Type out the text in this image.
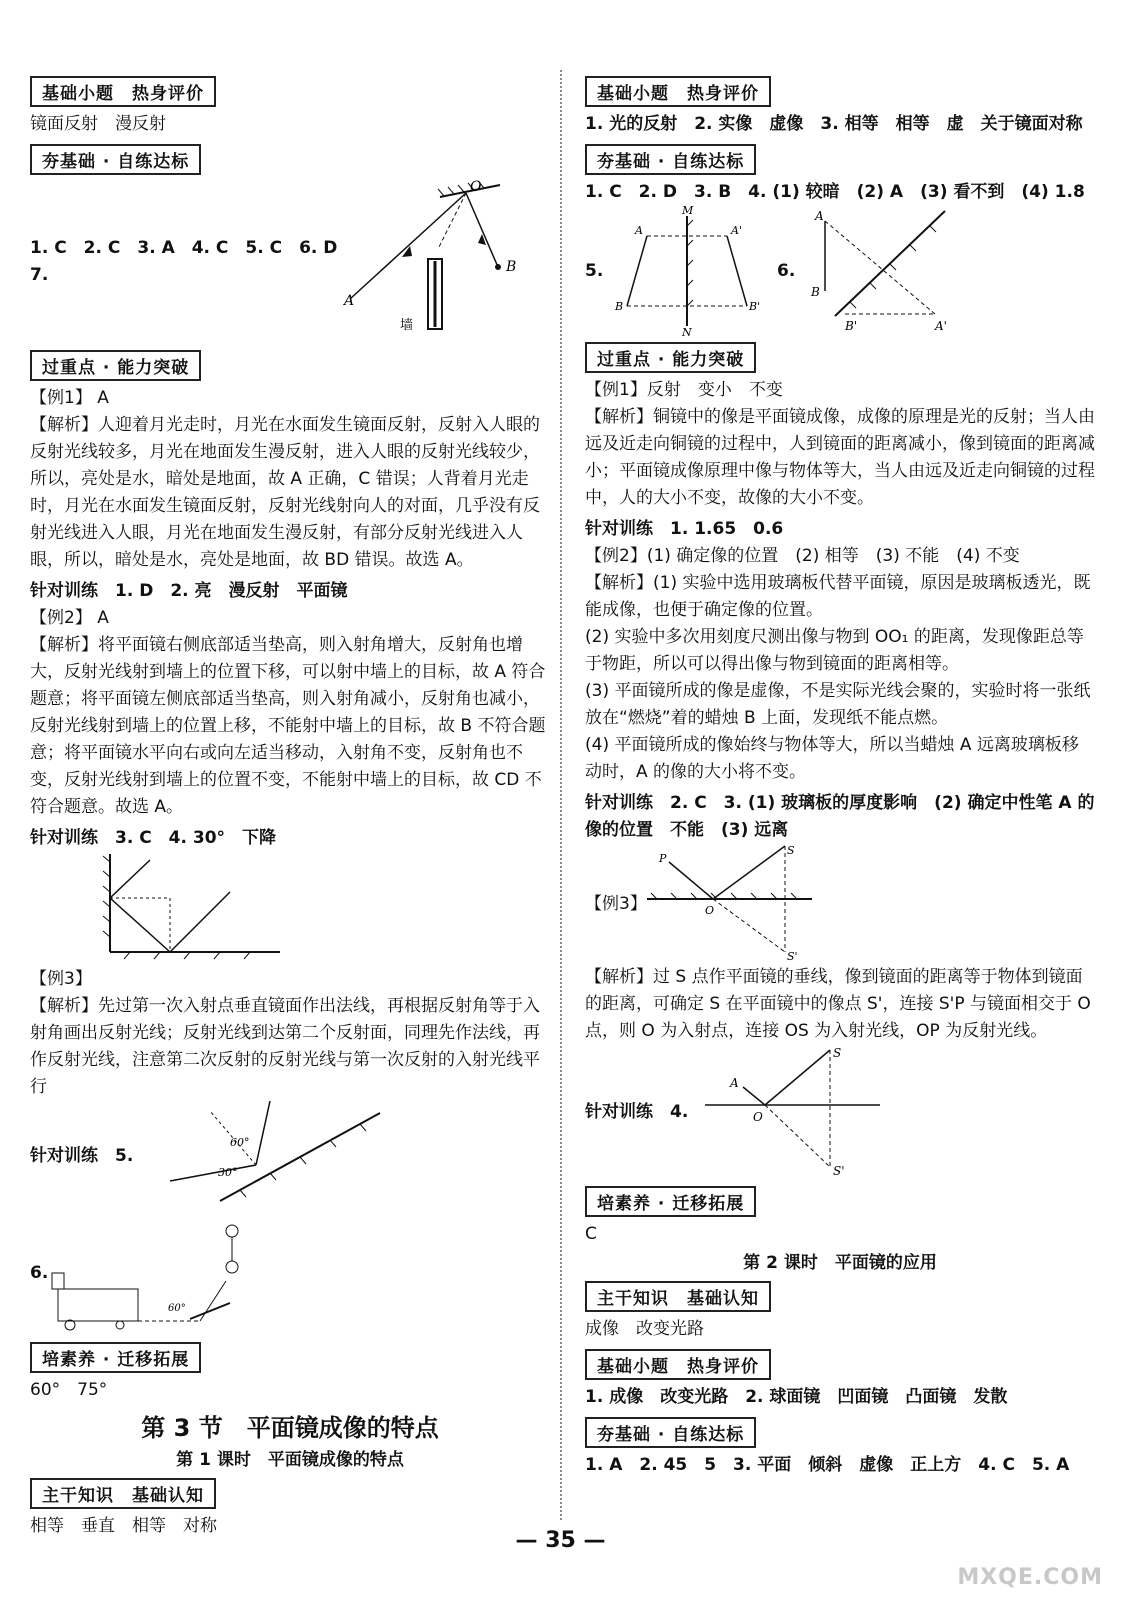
基础小题　热身评价

镜面反射　漫反射

夯基础 · 自练达标

1. C　2. C　3. A　4. C　5. C　6. D　7.

O
A
B
墙
过重点 · 能力突破

【例1】 A

【解析】人迎着月光走时，月光在水面发生镜面反射，反射入人眼的反射光线较多，月光在地面发生漫反射，进入人眼的反射光线较少，所以，亮处是水，暗处是地面，故 A 正确，C 错误；人背着月光走时，月光在水面发生镜面反射，反射光线射向人的对面，几乎没有反射光线进入人眼，月光在地面发生漫反射，有部分反射光线进入人眼，所以，暗处是水，亮处是地面，故 BD 错误。故选 A。

针对训练　1. D　2. 亮　漫反射　平面镜

【例2】 A

【解析】将平面镜右侧底部适当垫高，则入射角增大，反射角也增大，反射光线射到墙上的位置下移，可以射中墙上的目标，故 A 符合题意；将平面镜左侧底部适当垫高，则入射角减小，反射角也减小，反射光线射到墙上的位置上移，不能射中墙上的目标，故 B 不符合题意；将平面镜水平向右或向左适当移动，入射角不变，反射角也不变，反射光线射到墙上的位置不变，不能射中墙上的目标，故 CD 不符合题意。故选 A。

针对训练　3. C　4. 30°　下降

【例3】

【解析】先过第一次入射点垂直镜面作出法线，再根据反射角等于入射角画出反射光线；反射光线到达第二个反射面，同理先作法线，再作反射光线，注意第二次反射的反射光线与第一次反射的入射光线平行

针对训练　5.

60°
30°

6.

60°
培素养 · 迁移拓展

60°　75°

第 3 节　平面镜成像的特点
第 1 课时　平面镜成像的特点
主干知识　基础认知

相等　垂直　相等　对称

基础小题　热身评价

1. 光的反射　2. 实像　虚像　3. 相等　相等　虚　关于镜面对称

夯基础 · 自练达标

1. C　2. D　3. B　4. (1) 较暗　(2) A　(3) 看不到　(4) 1.8

5.

M
N
A
B
A'
B'

6.

A
B
A'
B'
过重点 · 能力突破

【例1】反射　变小　不变

【解析】铜镜中的像是平面镜成像，成像的原理是光的反射；当人由远及近走向铜镜的过程中，人到镜面的距离减小，像到镜面的距离减小；平面镜成像原理中像与物体等大，当人由远及近走向铜镜的过程中，人的大小不变，故像的大小不变。

针对训练　1. 1.65　0.6

【例2】(1) 确定像的位置　(2) 相等　(3) 不能　(4) 不变

【解析】(1) 实验中选用玻璃板代替平面镜，原因是玻璃板透光，既能成像，也便于确定像的位置。

(2) 实验中多次用刻度尺测出像与物到 OO₁ 的距离，发现像距总等于物距，所以可以得出像与物到镜面的距离相等。

(3) 平面镜所成的像是虚像，不是实际光线会聚的，实验时将一张纸放在“燃烧”着的蜡烛 B 上面，发现纸不能点燃。

(4) 平面镜所成的像始终与物体等大，所以当蜡烛 A 远离玻璃板移动时，A 的像的大小将不变。

针对训练　2. C　3. (1) 玻璃板的厚度影响　(2) 确定中性笔 A 的像的位置　不能　(3) 远离

【例3】

P
S
O
S'

【解析】过 S 点作平面镜的垂线，像到镜面的距离等于物体到镜面的距离，可确定 S 在平面镜中的像点 S'，连接 S'P 与镜面相交于 O 点，则 O 为入射点，连接 OS 为入射光线，OP 为反射光线。

针对训练　4.

A
S
O
S'
培素养 · 迁移拓展

C

第 2 课时　平面镜的应用
主干知识　基础认知

成像　改变光路

基础小题　热身评价

1. 成像　改变光路　2. 球面镜　凹面镜　凸面镜　发散

夯基础 · 自练达标

1. A　2. 45　5　3. 平面　倾斜　虚像　正上方　4. C　5. A

— 35 —
MXQE.COM
